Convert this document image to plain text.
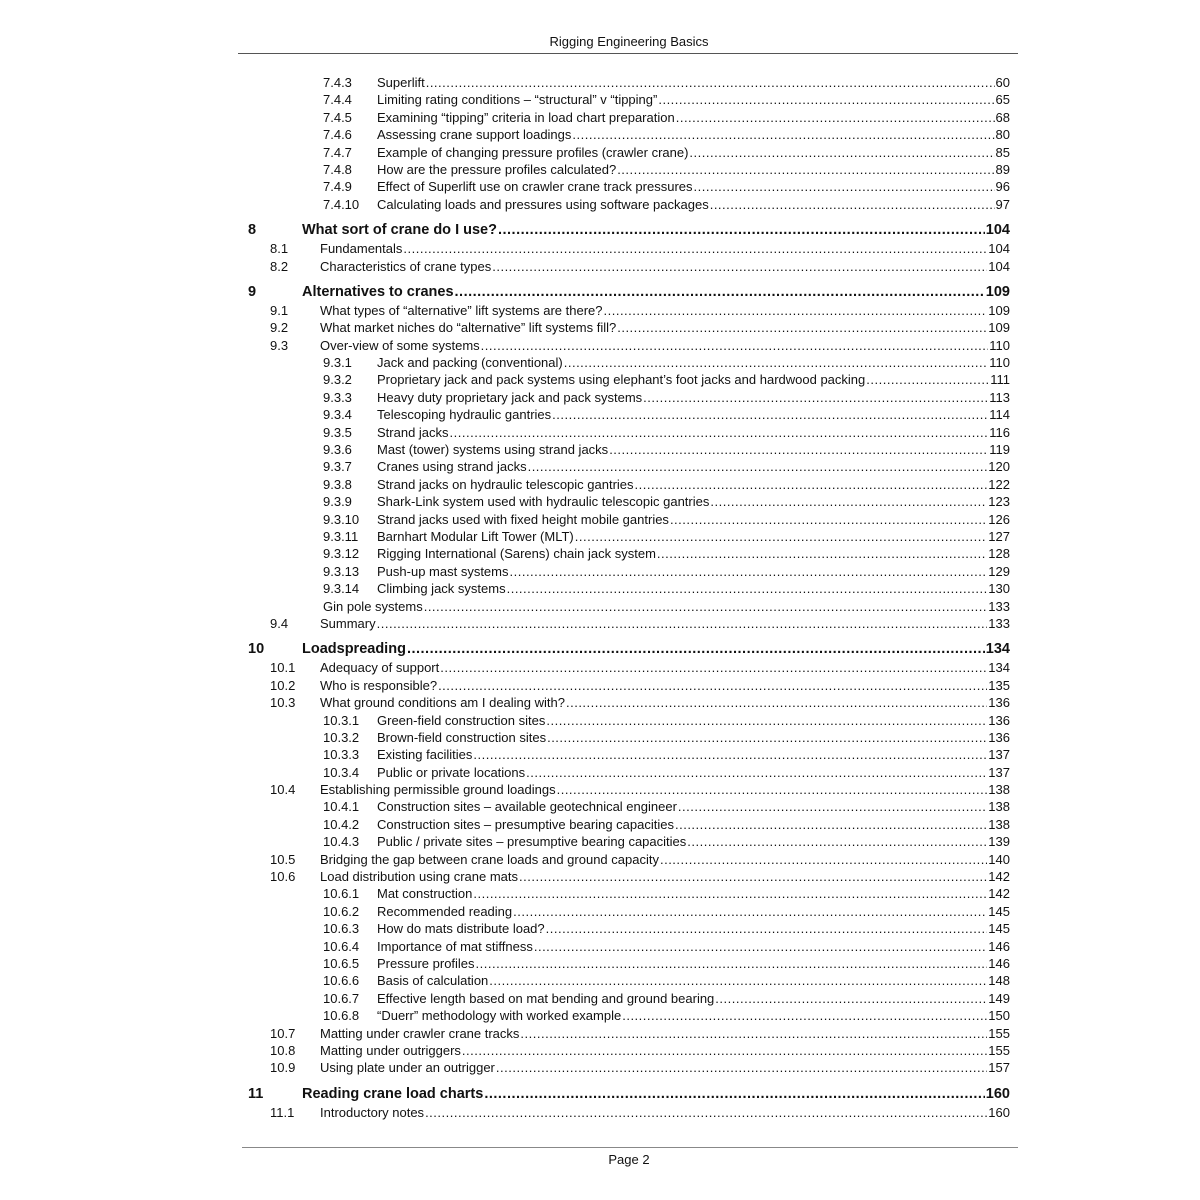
Rigging Engineering Basics
7.4.3 Superlift .....	60
7.4.4 Limiting rating conditions – “structural” v “tipping” .....	65
7.4.5 Examining “tipping” criteria in load chart preparation .....	68
7.4.6 Assessing crane support loadings .....	80
7.4.7 Example of changing pressure profiles (crawler crane) .....	85
7.4.8 How are the pressure profiles calculated? .....	89
7.4.9 Effect of Superlift use on crawler crane track pressures .....	96
7.4.10 Calculating loads and pressures using software packages .....	97
8	What sort of crane do I use? .....	104
8.1 Fundamentals .....	104
8.2 Characteristics of crane types .....	104
9	Alternatives to cranes .....	109
9.1 What types of “alternative” lift systems are there? .....	109
9.2 What market niches do “alternative” lift systems fill? .....	109
9.3 Over-view of some systems .....	110
9.3.1 Jack and packing (conventional) .....	110
9.3.2 Proprietary jack and pack systems using elephant’s foot jacks and hardwood packing .....	111
9.3.3 Heavy duty proprietary jack and pack systems .....	113
9.3.4 Telescoping hydraulic gantries .....	114
9.3.5 Strand jacks .....	116
9.3.6 Mast (tower) systems using strand jacks .....	119
9.3.7 Cranes using strand jacks .....	120
9.3.8 Strand jacks on hydraulic telescopic gantries .....	122
9.3.9 Shark-Link system used with hydraulic telescopic gantries .....	123
9.3.10 Strand jacks used with fixed height mobile gantries .....	126
9.3.11 Barnhart Modular Lift Tower (MLT) .....	127
9.3.12 Rigging International (Sarens) chain jack system .....	128
9.3.13 Push-up mast systems .....	129
9.3.14 Climbing jack systems .....	130
Gin pole systems .....	133
9.4 Summary .....	133
10	Loadspreading .....	134
10.1 Adequacy of support .....	134
10.2 Who is responsible? .....	135
10.3 What ground conditions am I dealing with? .....	136
10.3.1 Green-field construction sites .....	136
10.3.2 Brown-field construction sites .....	136
10.3.3 Existing facilities .....	137
10.3.4 Public or private locations .....	137
10.4 Establishing permissible ground loadings .....	138
10.4.1 Construction sites – available geotechnical engineer .....	138
10.4.2 Construction sites – presumptive bearing capacities .....	138
10.4.3 Public / private sites – presumptive bearing capacities .....	139
10.5 Bridging the gap between crane loads and ground capacity .....	140
10.6 Load distribution using crane mats .....	142
10.6.1 Mat construction .....	142
10.6.2 Recommended reading .....	145
10.6.3 How do mats distribute load? .....	145
10.6.4 Importance of mat stiffness .....	146
10.6.5 Pressure profiles .....	146
10.6.6 Basis of calculation .....	148
10.6.7 Effective length based on mat bending and ground bearing .....	149
10.6.8 “Duerr” methodology with worked example .....	150
10.7 Matting under crawler crane tracks .....	155
10.8 Matting under outriggers .....	155
10.9 Using plate under an outrigger .....	157
11	Reading crane load charts .....	160
11.1 Introductory notes .....	160
Page 2
